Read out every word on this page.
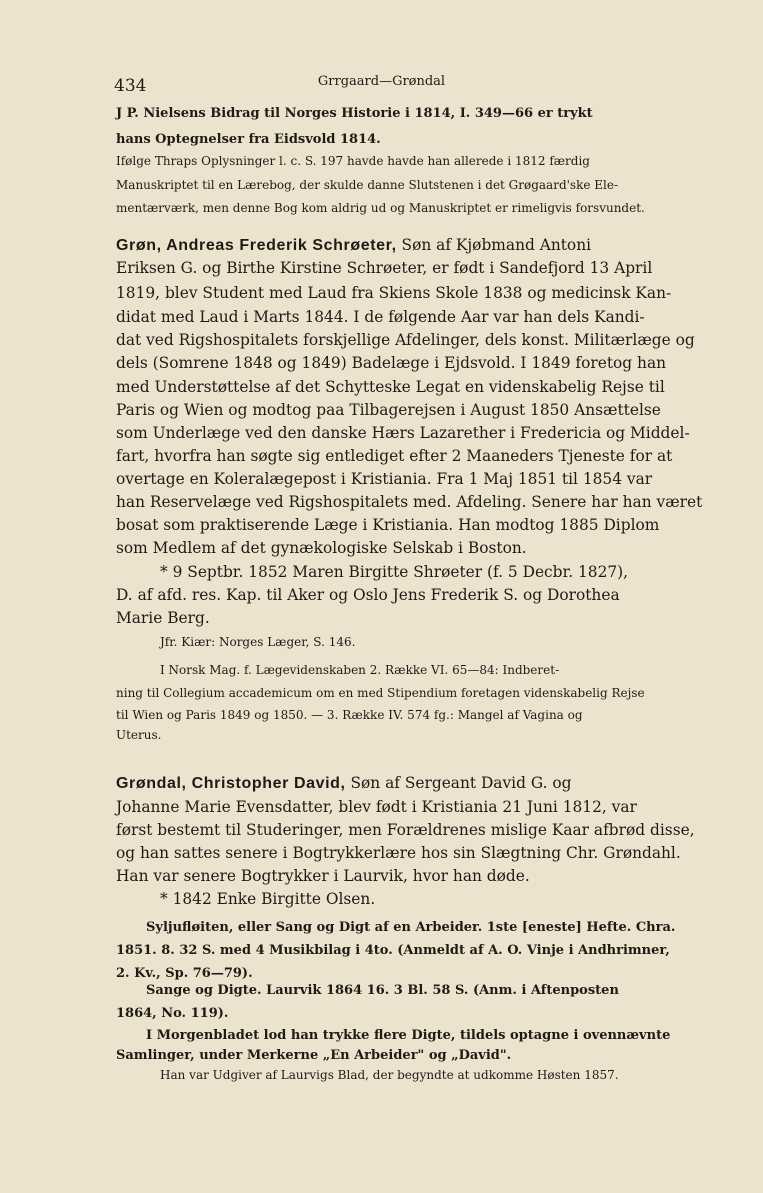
434	Grrgaard—Grøndal
J P. Nielsens Bidrag til Norges Historie i 1814, I. 349—66 er trykt
hans Optegnelser fra Eidsvold 1814.
Ifølge Thraps Oplysninger l. c. S. 197 havde havde han allerede i 1812 færdig
Manuskriptet til en Lærebog, der skulde danne Slutstenen i det Grøgaard'ske Ele-
mentærværk, men denne Bog kom aldrig ud og Manuskriptet er rimeligvis forsvundet.
Grøn, Andreas Frederik Schrøeter, Søn af Kjøbmand Antoni
Eriksen G. og Birthe Kirstine Schrøeter, er født i Sandefjord 13 April
1819, blev Student med Laud fra Skiens Skole 1838 og medicinsk Kan-
didat med Laud i Marts 1844. I de følgende Aar var han dels Kandi-
dat ved Rigshospitalets forskjellige Afdelinger, dels konst. Militærlæge og
dels (Somrene 1848 og 1849) Badelæge i Ejdsvold. I 1849 foretog han
med Understøttelse af det Schytteske Legat en videnskabelig Rejse til
Paris og Wien og modtog paa Tilbagerejsen i August 1850 Ansættelse
som Underlæge ved den danske Hærs Lazarether i Fredericia og Middel-
fart, hvorfra han søgte sig entlediget efter 2 Maaneders Tjeneste for at
overtage en Koleralægepost i Kristiania. Fra 1 Maj 1851 til 1854 var
han Reservelæge ved Rigshospitalets med. Afdeling. Senere har han været
bosat som praktiserende Læge i Kristiania. Han modtog 1885 Diplom
som Medlem af det gynækologiske Selskab i Boston.
* 9 Septbr. 1852 Maren Birgitte Shrøeter (f. 5 Decbr. 1827),
D. af afd. res. Kap. til Aker og Oslo Jens Frederik S. og Dorothea
Marie Berg.
Jfr. Kiær: Norges Læger, S. 146.
I Norsk Mag. f. Lægevidenskaben 2. Række VI. 65—84: Indberet-
ning til Collegium accademicum om en med Stipendium foretagen videnskabelig Rejse
til Wien og Paris 1849 og 1850. — 3. Række IV. 574 fg.: Mangel af Vagina og
Uterus.
Grøndal, Christopher David, Søn af Sergeant David G. og
Johanne Marie Evensdatter, blev født i Kristiania 21 Juni 1812, var
først bestemt til Studeringer, men Forældrenes mislige Kaar afbrød disse,
og han sattes senere i Bogtrykkerlære hos sin Slægtning Chr. Grøndahl.
Han var senere Bogtrykker i Laurvik, hvor han døde.
* 1842 Enke Birgitte Olsen.
Syljufløiten, eller Sang og Digt af en Arbeider. 1ste [eneste] Hefte. Chra.
1851. 8. 32 S. med 4 Musikbilag i 4to. (Anmeldt af A. O. Vinje i Andhrimner,
2. Kv., Sp. 76—79).
Sange og Digte. Laurvik 1864 16. 3 Bl. 58 S. (Anm. i Aftenposten
1864, No. 119).
I Morgenbladet lod han trykke flere Digte, tildels optagne i ovennævnte
Samlinger, under Merkerne „En Arbeider" og „David".
Han var Udgiver af Laurvigs Blad, der begyndte at udkomme Høsten 1857.
